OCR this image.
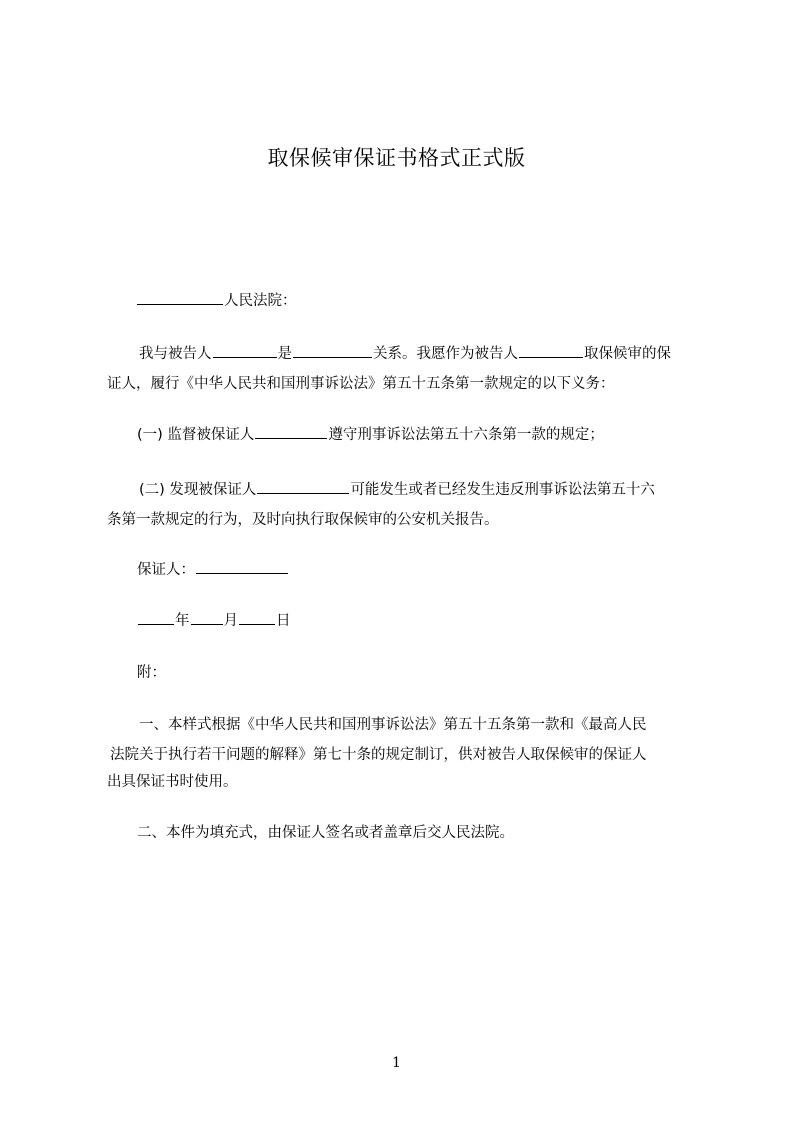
取保候审保证书格式正式版
人民法院：
我与被告人	是	关系。我愿作为被告人	取保候审的保
证人，履行《中华人民共和国刑事诉讼法》第五十五条第一款规定的以下义务：
(一) 监督被保证人	遵守刑事诉讼法第五十六条第一款的规定；
(二) 发现被保证人	可能发生或者已经发生违反刑事诉讼法第五十六
条第一款规定的行为，及时向执行取保候审的公安机关报告。
保证人：
年 月	日
附：
一、本样式根据《中华人民共和国刑事诉讼法》第五十五条第一款和《最高人民
法院关于执行若干问题的解释》第七十条的规定制订，供对被告人取保候审的保证人
出具保证书时使用。
二、本件为填充式，由保证人签名或者盖章后交人民法院。
1
